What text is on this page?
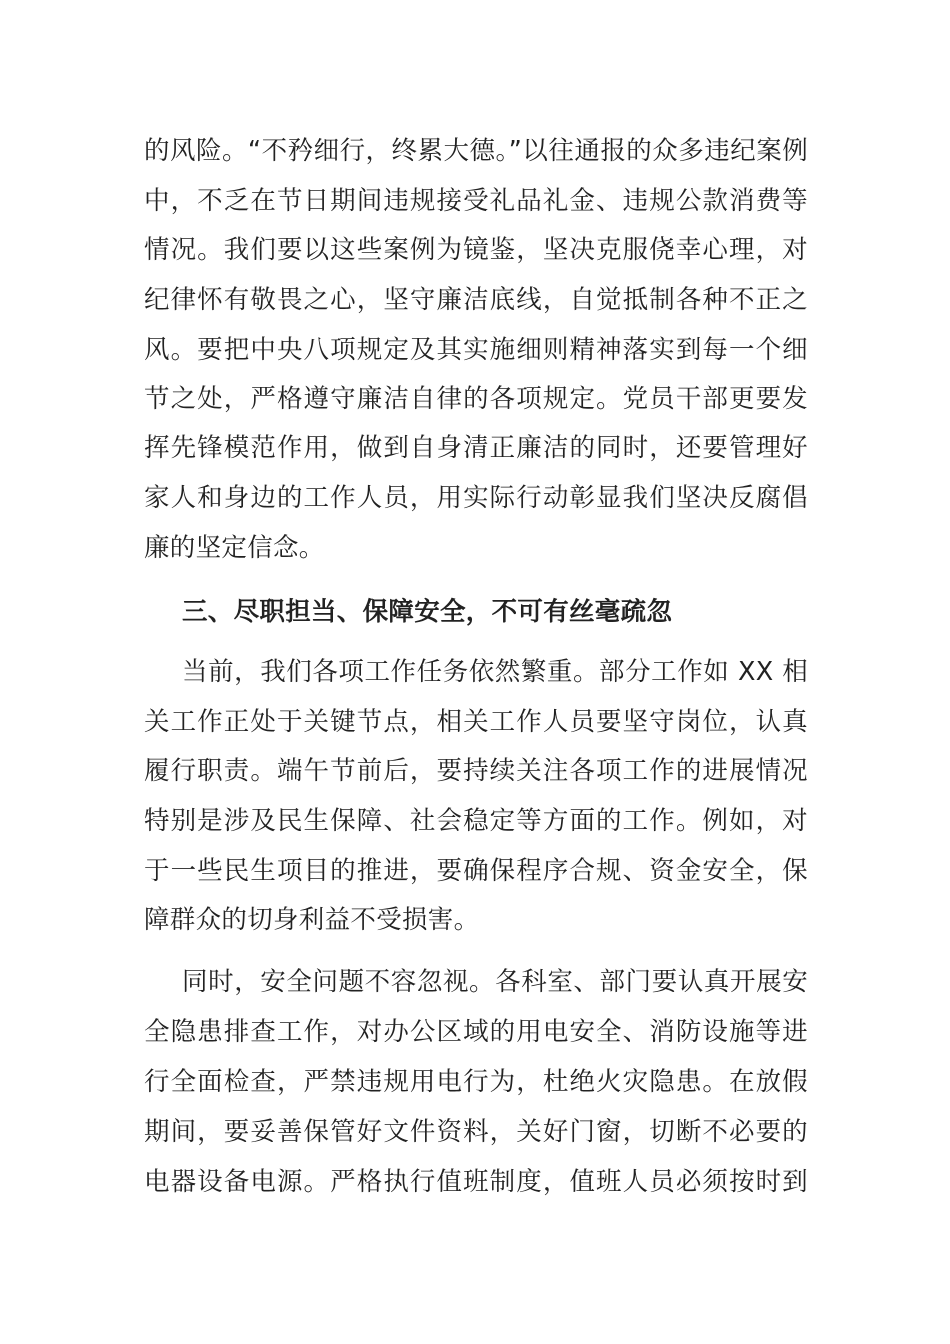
的风险。“不矜细行，终累大德。”以往通报的众多违纪案例
中，不乏在节日期间违规接受礼品礼金、违规公款消费等
情况。我们要以这些案例为镜鉴，坚决克服侥幸心理，对
纪律怀有敬畏之心，坚守廉洁底线，自觉抵制各种不正之
风。要把中央八项规定及其实施细则精神落实到每一个细
节之处，严格遵守廉洁自律的各项规定。党员干部更要发
挥先锋模范作用，做到自身清正廉洁的同时，还要管理好
家人和身边的工作人员，用实际行动彰显我们坚决反腐倡
廉的坚定信念。
三、尽职担当、保障安全，不可有丝毫疏忽
当前，我们各项工作任务依然繁重。部分工作如 XX 相
关工作正处于关键节点，相关工作人员要坚守岗位，认真
履行职责。端午节前后，要持续关注各项工作的进展情况
特别是涉及民生保障、社会稳定等方面的工作。例如，对
于一些民生项目的推进，要确保程序合规、资金安全，保
障群众的切身利益不受损害。
同时，安全问题不容忽视。各科室、部门要认真开展安
全隐患排查工作，对办公区域的用电安全、消防设施等进
行全面检查，严禁违规用电行为，杜绝火灾隐患。在放假
期间，要妥善保管好文件资料，关好门窗，切断不必要的
电器设备电源。严格执行值班制度，值班人员必须按时到
